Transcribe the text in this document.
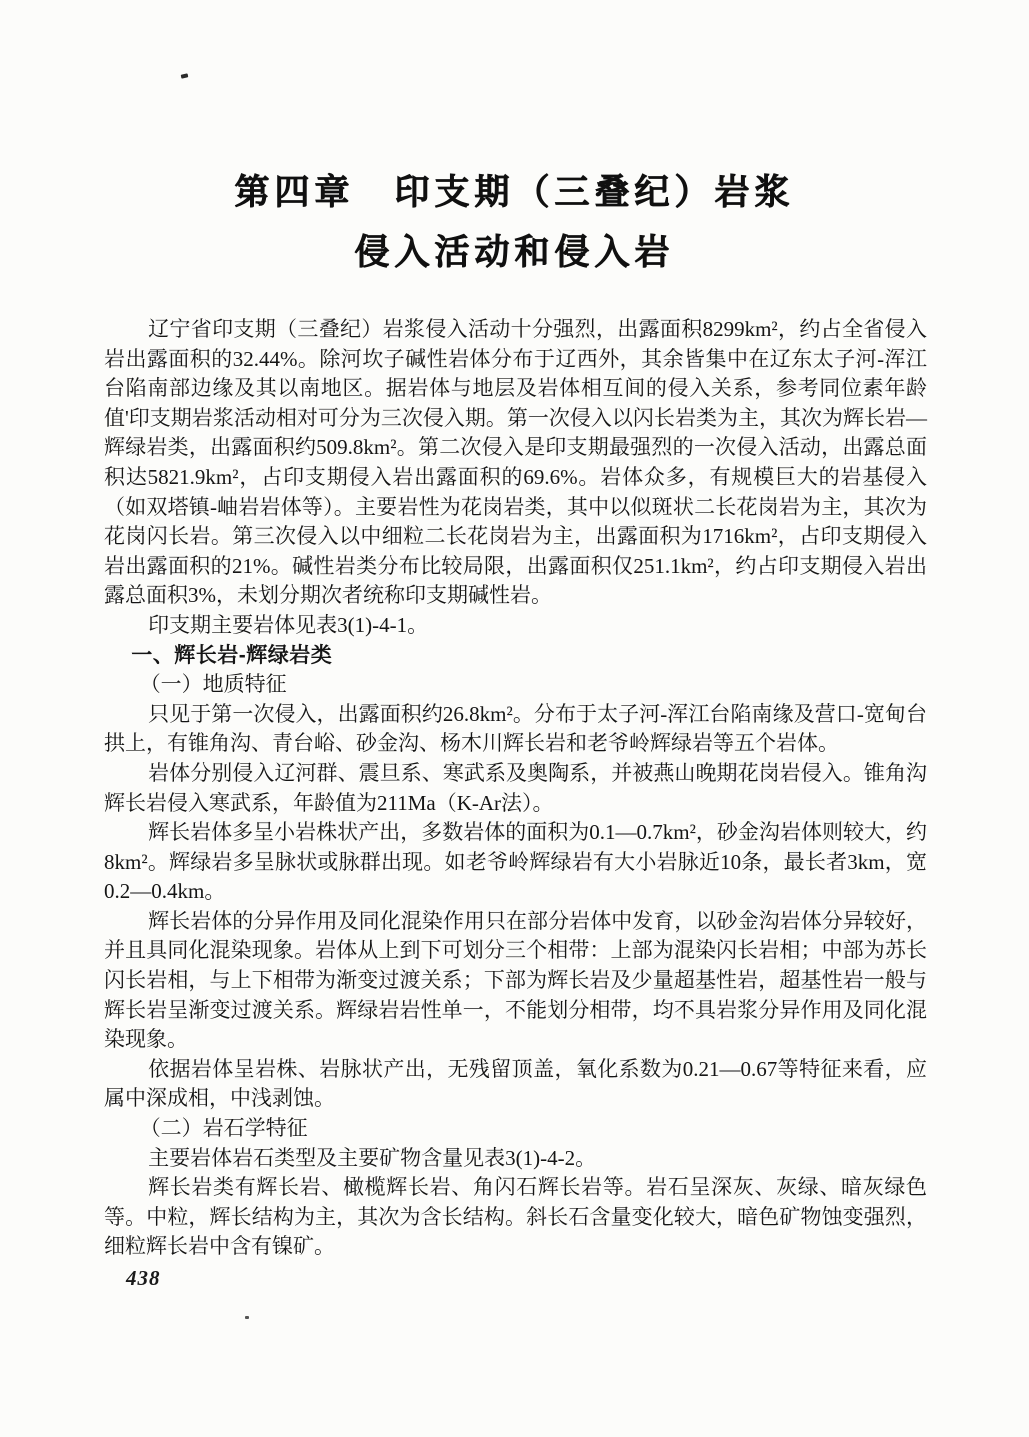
第四章　印支期（三叠纪）岩浆
侵入活动和侵入岩

辽宁省印支期（三叠纪）岩浆侵入活动十分强烈，出露面积8299km²，约占全省侵入岩出露面积的32.44%。除河坎子碱性岩体分布于辽西外，其余皆集中在辽东太子河-浑江台陷南部边缘及其以南地区。据岩体与地层及岩体相互间的侵入关系，参考同位素年龄值'印支期岩浆活动相对可分为三次侵入期。第一次侵入以闪长岩类为主，其次为辉长岩—辉绿岩类，出露面积约509.8km²。第二次侵入是印支期最强烈的一次侵入活动，出露总面积达5821.9km²，占印支期侵入岩出露面积的69.6%。岩体众多，有规模巨大的岩基侵入（如双塔镇-岫岩岩体等）。主要岩性为花岗岩类，其中以似斑状二长花岗岩为主，其次为花岗闪长岩。第三次侵入以中细粒二长花岗岩为主，出露面积为1716km²，占印支期侵入岩出露面积的21%。碱性岩类分布比较局限，出露面积仅251.1km²，约占印支期侵入岩出露总面积3%，未划分期次者统称印支期碱性岩。

印支期主要岩体见表3(1)-4-1。

一、辉长岩-辉绿岩类

（一）地质特征

只见于第一次侵入，出露面积约26.8km²。分布于太子河-浑江台陷南缘及营口-宽甸台拱上，有锥角沟、青台峪、砂金沟、杨木川辉长岩和老爷岭辉绿岩等五个岩体。

岩体分别侵入辽河群、震旦系、寒武系及奥陶系，并被燕山晚期花岗岩侵入。锥角沟辉长岩侵入寒武系，年龄值为211Ma（K-Ar法）。

辉长岩体多呈小岩株状产出，多数岩体的面积为0.1—0.7km²，砂金沟岩体则较大，约8km²。辉绿岩多呈脉状或脉群出现。如老爷岭辉绿岩有大小岩脉近10条，最长者3km，宽0.2—0.4km。

辉长岩体的分异作用及同化混染作用只在部分岩体中发育，以砂金沟岩体分异较好，并且具同化混染现象。岩体从上到下可划分三个相带：上部为混染闪长岩相；中部为苏长闪长岩相，与上下相带为渐变过渡关系；下部为辉长岩及少量超基性岩，超基性岩一般与辉长岩呈渐变过渡关系。辉绿岩岩性单一，不能划分相带，均不具岩浆分异作用及同化混染现象。

依据岩体呈岩株、岩脉状产出，无残留顶盖，氧化系数为0.21—0.67等特征来看，应属中深成相，中浅剥蚀。

（二）岩石学特征

主要岩体岩石类型及主要矿物含量见表3(1)-4-2。

辉长岩类有辉长岩、橄榄辉长岩、角闪石辉长岩等。岩石呈深灰、灰绿、暗灰绿色等。中粒，辉长结构为主，其次为含长结构。斜长石含量变化较大，暗色矿物蚀变强烈，细粒辉长岩中含有镍矿。

438
